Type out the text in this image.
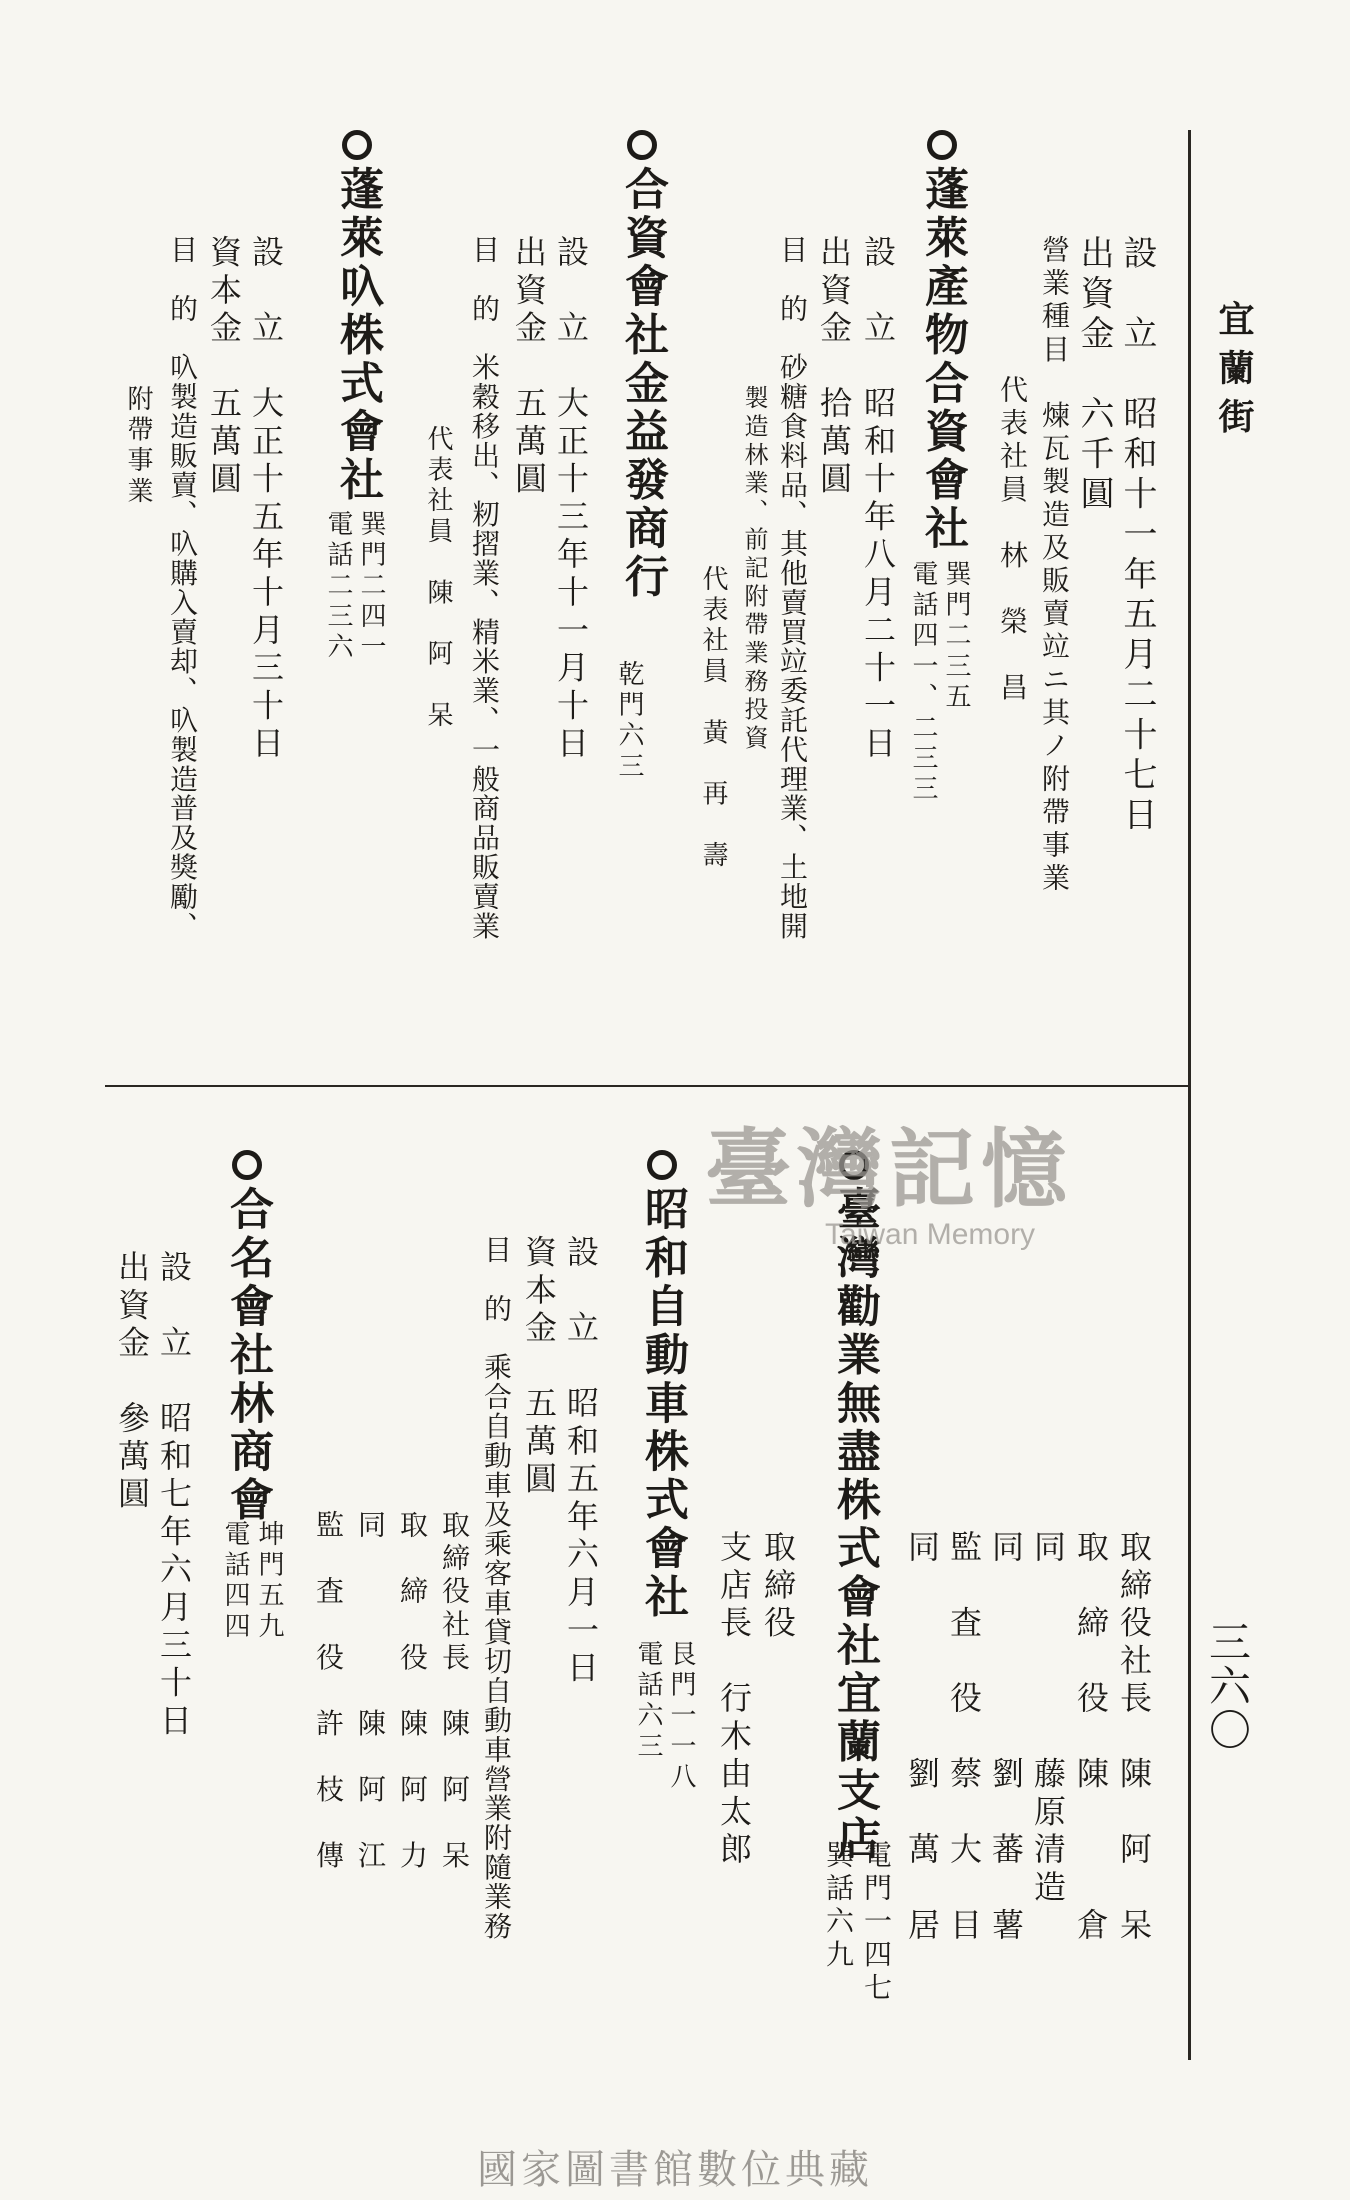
宜蘭街
三六〇
設　立　昭和十一年五月二十七日
出資金　六千圓
營業種目　煉瓦製造及販賣竝ニ其ノ附帶事業
代表社員　林　榮　昌
蓬萊產物合資會社
巽門二三五
電話四一、二三三
設　立　昭和十年八月二十一日
出資金　拾萬圓
目　的　砂糖食料品、其他賣買竝委託代理業、土地開
製造林業、前記附帶業務投資
代表社員　黃　再　壽
合資會社金益發商行
乾門六三
設　立　大正十三年十一月十日
出資金　五萬圓
目　的　米穀移出、籾摺業、精米業、一般商品販賣業
代表社員　陳　阿　呆
蓬萊叺株式會社
巽門二四一
電話二三六
設　立　大正十五年十月三十日
資本金　五萬圓
目　的　叺製造販賣、叺購入賣却、叺製造普及獎勵、
附帶事業
取締役社長　陳　阿　呆
取　締　役　陳　　　倉
同　　　　　藤原清造
同　　　　　劉　蕃　薯
監　査　役　蔡　大　目
同　　　　　劉　萬　居
臺灣勸業無盡株式會社宜蘭支店
電門一四七
巽話六九
取締役
支店長　行木由太郎
昭和自動車株式會社
艮門一一八
電話六三
設　立　昭和五年六月一日
資本金　五萬圓
目　的　乘合自動車及乘客車貸切自動車營業附隨業務
取締役社長　陳　阿　呆
取　締　役　陳　阿　力
同　　　　　陳　阿　江
監　査　役　許　枝　傳
合名會社林商會
坤門五九
電話四四
設　立　昭和七年六月三十日
出資金　參萬圓
臺灣記憶
Taiwan Memory
國家圖書館數位典藏
